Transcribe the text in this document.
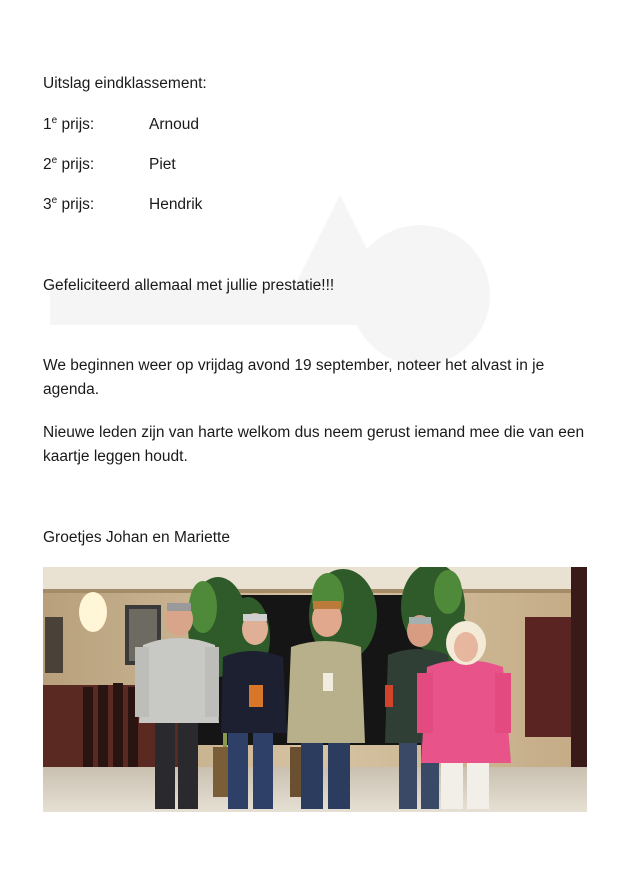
Uitslag eindklassement:
1e prijs:	Arnoud
2e prijs:	Piet
3e prijs:	Hendrik
Gefeliciteerd allemaal met jullie prestatie!!!
We beginnen weer op vrijdag avond 19 september, noteer het alvast in je agenda.
Nieuwe leden zijn van harte welkom dus neem gerust iemand mee die van een kaartje leggen houdt.
Groetjes Johan en Mariette
